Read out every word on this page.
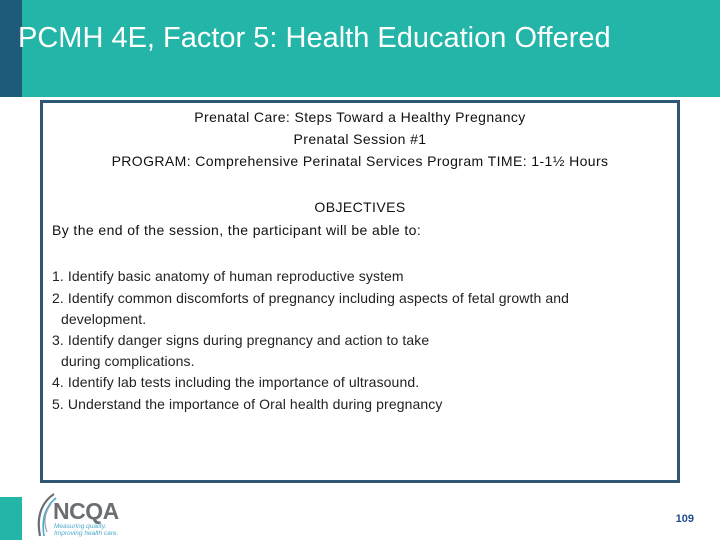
PCMH 4E, Factor 5: Health Education Offered
Prenatal Care: Steps Toward a Healthy Pregnancy
Prenatal Session #1
PROGRAM: Comprehensive Perinatal Services Program TIME: 1-1½ Hours
OBJECTIVES
By the end of the session, the participant will be able to:
1. Identify basic anatomy of human reproductive system
2. Identify common discomforts of pregnancy including aspects of fetal growth and
development.
3. Identify danger signs during pregnancy and action to take
during complications.
4. Identify lab tests including the importance of ultrasound.
5. Understand the importance of Oral health during pregnancy
NCQA
Measuring quality. Improving health care.
109
